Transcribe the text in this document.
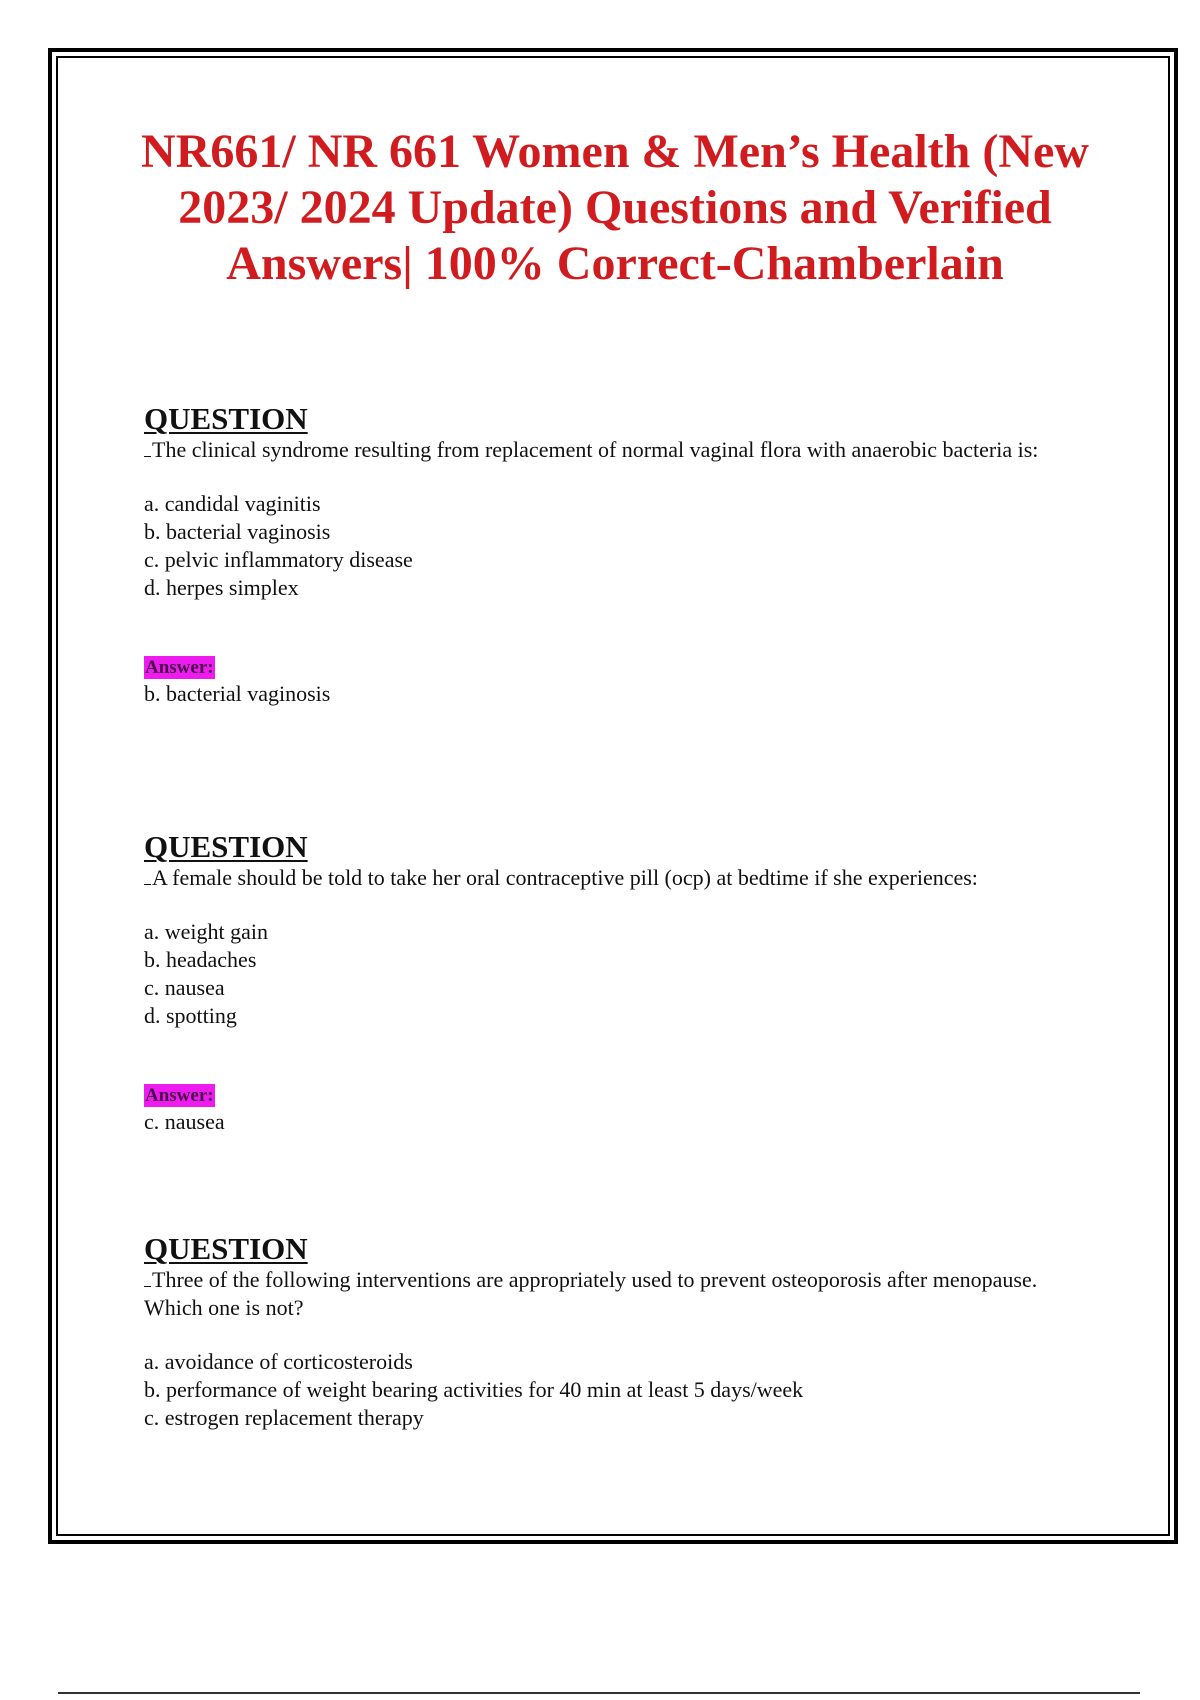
NR661/ NR 661 Women & Men’s Health (New 2023/ 2024 Update) Questions and Verified Answers| 100% Correct-Chamberlain
QUESTION
The clinical syndrome resulting from replacement of normal vaginal flora with anaerobic bacteria is:
a. candidal vaginitis
b. bacterial vaginosis
c. pelvic inflammatory disease
d. herpes simplex
Answer:
b. bacterial vaginosis
QUESTION
A female should be told to take her oral contraceptive pill (ocp) at bedtime if she experiences:
a. weight gain
b. headaches
c. nausea
d. spotting
Answer:
c. nausea
QUESTION
Three of the following interventions are appropriately used to prevent osteoporosis after menopause. Which one is not?
a. avoidance of corticosteroids
b. performance of weight bearing activities for 40 min at least 5 days/week
c. estrogen replacement therapy
